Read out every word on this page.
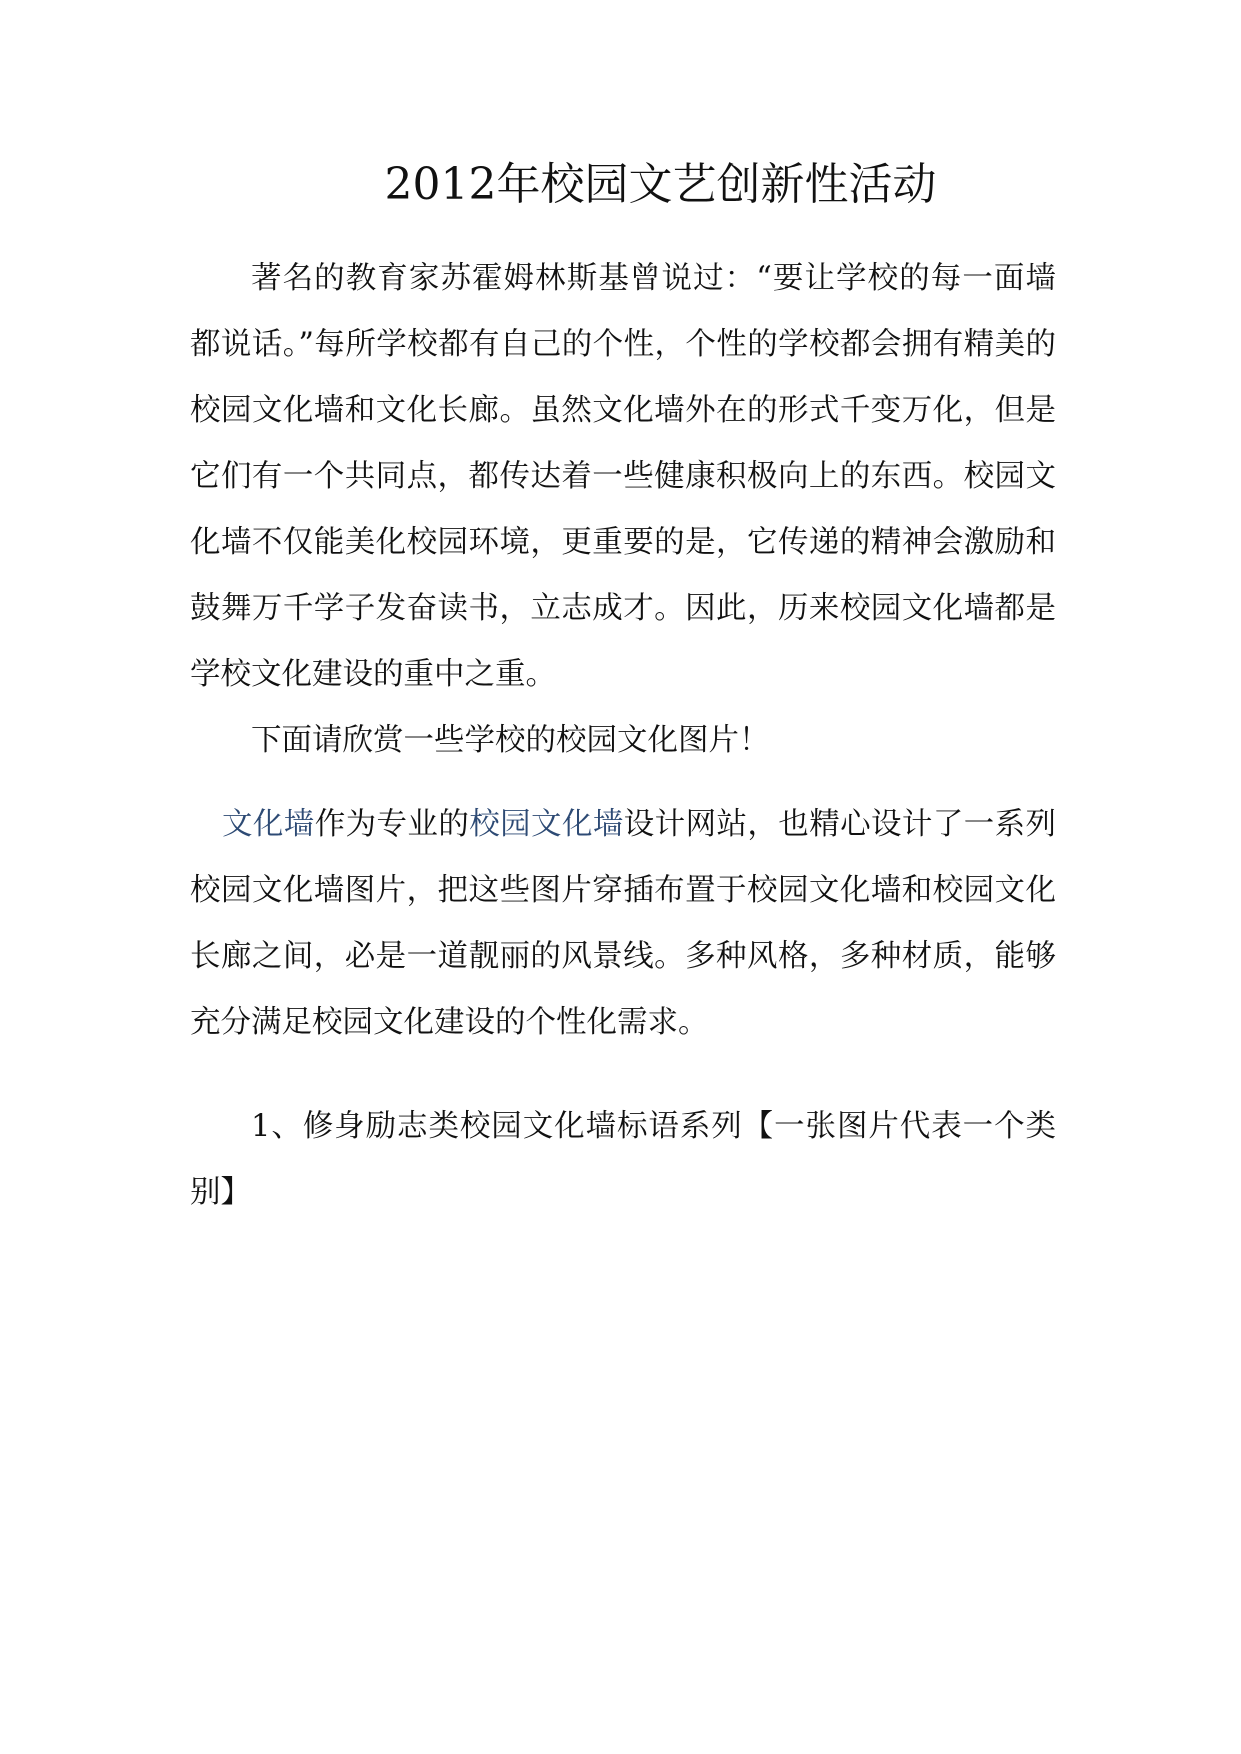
2012年校园文艺创新性活动

著名的教育家苏霍姆林斯基曾说过：“要让学校的每一面墙都说话。”每所学校都有自己的个性，个性的学校都会拥有精美的校园文化墙和文化长廊。虽然文化墙外在的形式千变万化，但是它们有一个共同点，都传达着一些健康积极向上的东西。校园文化墙不仅能美化校园环境，更重要的是，它传递的精神会激励和鼓舞万千学子发奋读书，立志成才。因此，历来校园文化墙都是学校文化建设的重中之重。

下面请欣赏一些学校的校园文化图片！

文化墙作为专业的校园文化墙设计网站，也精心设计了一系列校园文化墙图片，把这些图片穿插布置于校园文化墙和校园文化长廊之间，必是一道靓丽的风景线。多种风格，多种材质，能够充分满足校园文化建设的个性化需求。

1、修身励志类校园文化墙标语系列【一张图片代表一个类别】
